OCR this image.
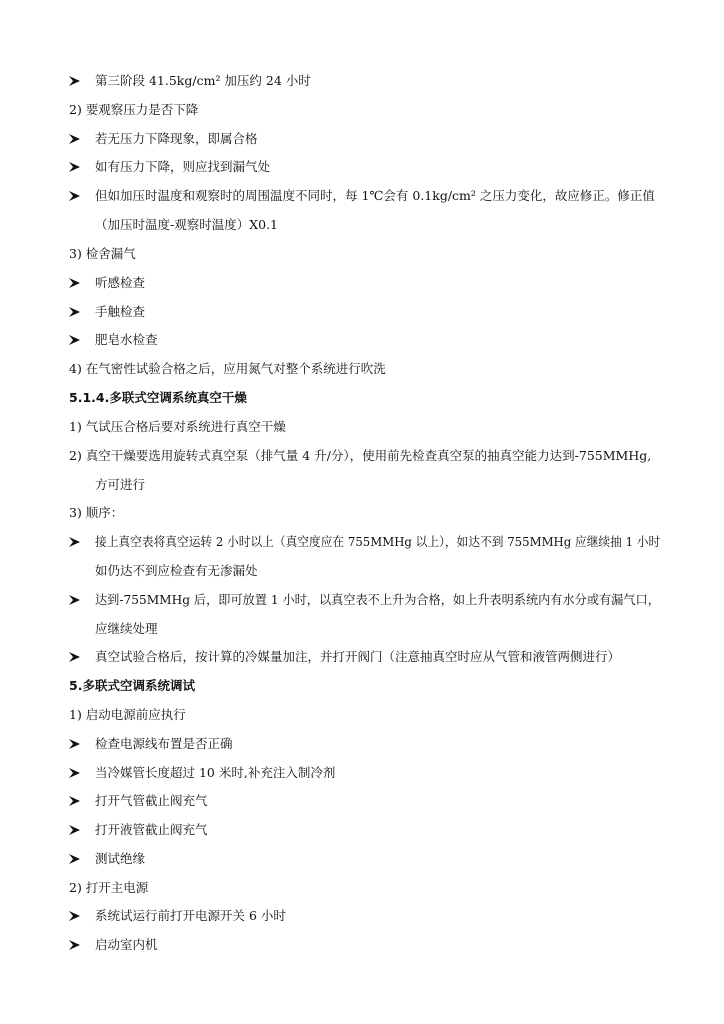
第三阶段 41.5kg/cm² 加压约 24 小时
2) 要观察压力是否下降
若无压力下降现象，即属合格
如有压力下降，则应找到漏气处
但如加压时温度和观察时的周围温度不同时，每 1℃会有 0.1kg/cm² 之压力变化，故应修正。修正值
（加压时温度-观察时温度）X0.1
3) 检舍漏气
听感检查
手触检查
肥皂水检查
4) 在气密性试验合格之后，应用氮气对整个系统进行吹洗
5.1.4.多联式空调系统真空干燥
1) 气试压合格后要对系统进行真空干燥
2) 真空干燥要选用旋转式真空泵（排气量 4 升/分），使用前先检查真空泵的抽真空能力达到-755MMHg,
方可进行
3) 顺序：
接上真空表将真空运转 2 小时以上（真空度应在 755MMHg 以上），如达不到 755MMHg 应继续抽 1 小时
如仍达不到应检查有无渗漏处
达到-755MMHg 后，即可放置 1 小时，以真空表不上升为合格，如上升表明系统内有水分或有漏气口，
应继续处理
真空试验合格后，按计算的冷媒量加注，并打开阀门（注意抽真空时应从气管和液管两侧进行）
5.多联式空调系统调试
1) 启动电源前应执行
检查电源线布置是否正确
当冷媒管长度超过 10 米时,补充注入制冷剂
打开气管截止阀充气
打开液管截止阀充气
测试绝缘
2) 打开主电源
系统试运行前打开电源开关 6 小时
启动室内机
